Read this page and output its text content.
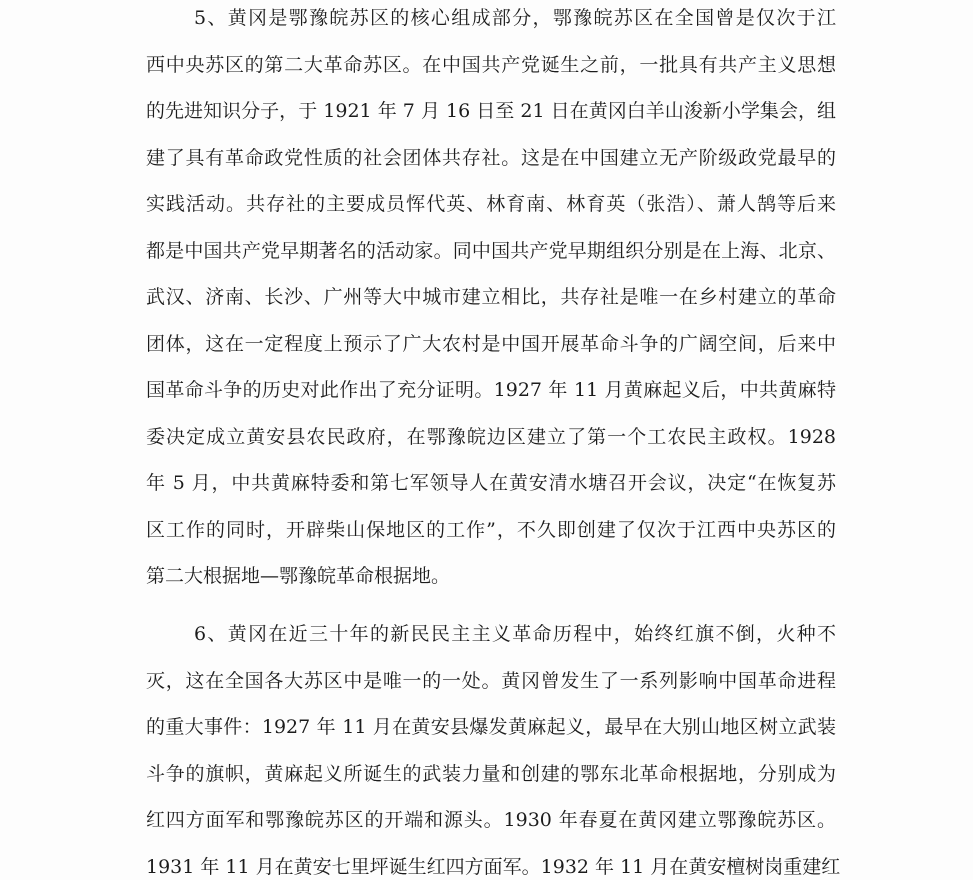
5、黄冈是鄂豫皖苏区的核心组成部分，鄂豫皖苏区在全国曾是仅次于江
西中央苏区的第二大革命苏区。在中国共产党诞生之前，一批具有共产主义思想
的先进知识分子，于 1921 年 7 月 16 日至 21 日在黄冈白羊山浚新小学集会，组
建了具有革命政党性质的社会团体共存社。这是在中国建立无产阶级政党最早的
实践活动。共存社的主要成员恽代英、林育南、林育英（张浩）、萧人鹄等后来
都是中国共产党早期著名的活动家。同中国共产党早期组织分别是在上海、北京、
武汉、济南、长沙、广州等大中城市建立相比，共存社是唯一在乡村建立的革命
团体，这在一定程度上预示了广大农村是中国开展革命斗争的广阔空间，后来中
国革命斗争的历史对此作出了充分证明。1927 年 11 月黄麻起义后，中共黄麻特
委决定成立黄安县农民政府，在鄂豫皖边区建立了第一个工农民主政权。1928
年 5 月，中共黄麻特委和第七军领导人在黄安清水塘召开会议，决定“在恢复苏
区工作的同时，开辟柴山保地区的工作”，不久即创建了仅次于江西中央苏区的
第二大根据地—鄂豫皖革命根据地。
6、黄冈在近三十年的新民民主主义革命历程中，始终红旗不倒，火种不
灭，这在全国各大苏区中是唯一的一处。黄冈曾发生了一系列影响中国革命进程
的重大事件：1927 年 11 月在黄安县爆发黄麻起义，最早在大别山地区树立武装
斗争的旗帜，黄麻起义所诞生的武装力量和创建的鄂东北革命根据地，分别成为
红四方面军和鄂豫皖苏区的开端和源头。1930 年春夏在黄冈建立鄂豫皖苏区。
1931 年 11 月在黄安七里坪诞生红四方面军。1932 年 11 月在黄安檀树岗重建红
